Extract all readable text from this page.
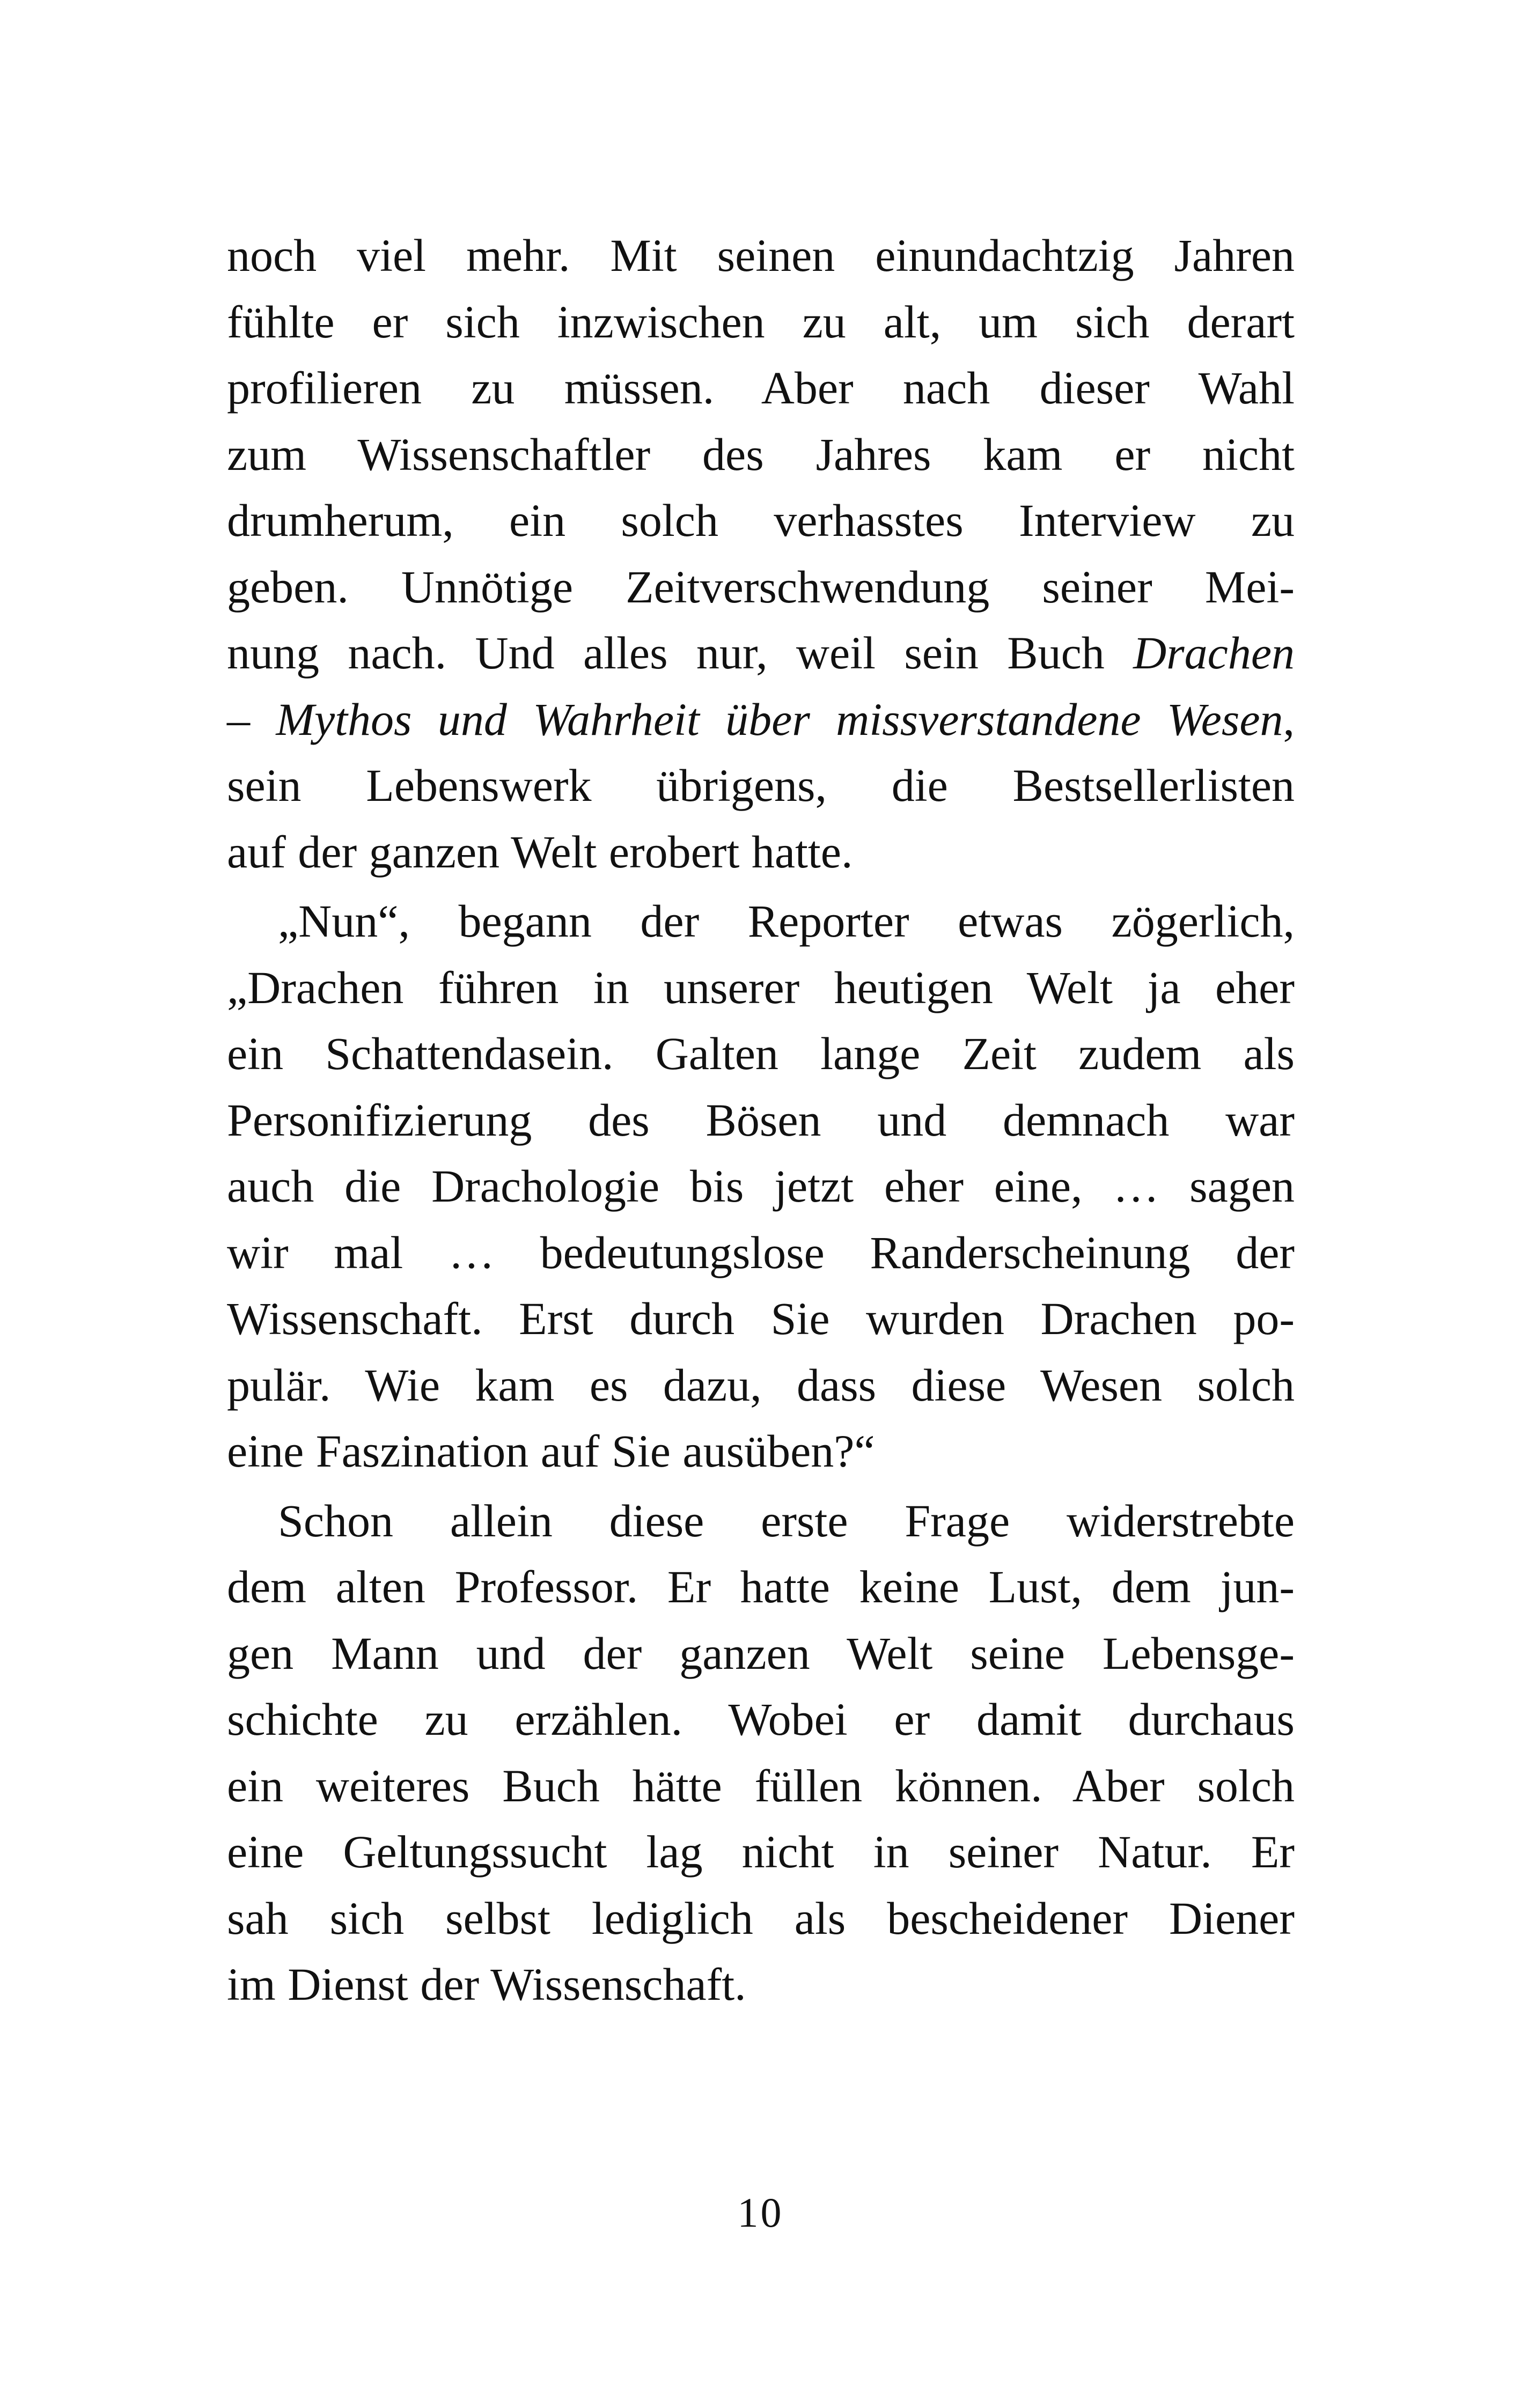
noch viel mehr. Mit seinen einundachtzig Jahren
fühlte er sich inzwischen zu alt, um sich derart
profilieren zu müssen. Aber nach dieser Wahl
zum Wissenschaftler des Jahres kam er nicht
drumherum, ein solch verhasstes Interview zu
geben. Unnötige Zeitverschwendung seiner Mei-
nung nach. Und alles nur, weil sein Buch Drachen
– Mythos und Wahrheit über missverstandene Wesen,
sein Lebenswerk übrigens, die Bestsellerlisten
auf der ganzen Welt erobert hatte.
„Nun“, begann der Reporter etwas zögerlich,
„Drachen führen in unserer heutigen Welt ja eher
ein Schattendasein. Galten lange Zeit zudem als
Personifizierung des Bösen und demnach war
auch die Drachologie bis jetzt eher eine, … sagen
wir mal … bedeutungslose Randerscheinung der
Wissenschaft. Erst durch Sie wurden Drachen po-
pulär. Wie kam es dazu, dass diese Wesen solch
eine Faszination auf Sie ausüben?“
Schon allein diese erste Frage widerstrebte
dem alten Professor. Er hatte keine Lust, dem jun-
gen Mann und der ganzen Welt seine Lebensge-
schichte zu erzählen. Wobei er damit durchaus
ein weiteres Buch hätte füllen können. Aber solch
eine Geltungssucht lag nicht in seiner Natur. Er
sah sich selbst lediglich als bescheidener Diener
im Dienst der Wissenschaft.
10
